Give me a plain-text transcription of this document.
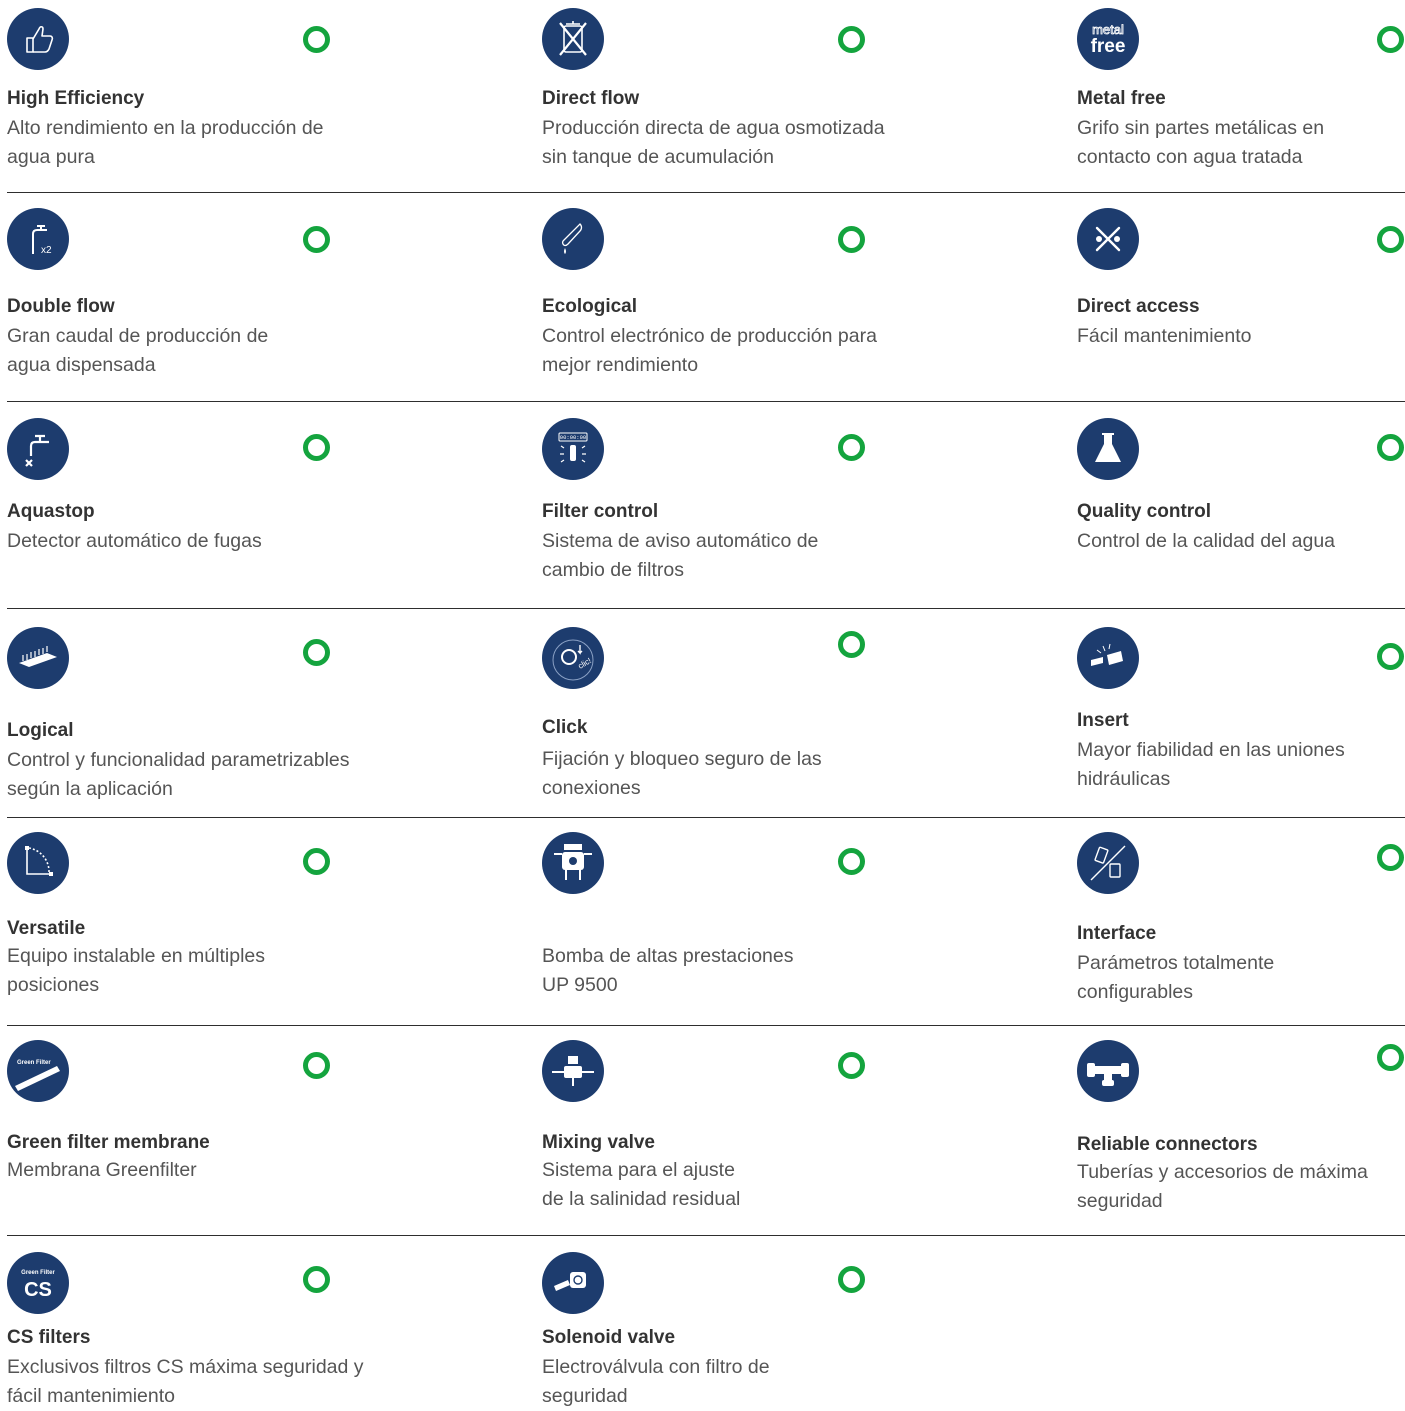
High Efficiency
Alto rendimiento en la producción de
agua pura
Direct flow
Producción directa de agua osmotizada
sin tanque de acumulación
metal
free
Metal free
Grifo sin partes metálicas en
contacto con agua tratada
x2
Double flow
Gran caudal de producción de
agua dispensada
Ecological
Control electrónico de producción para
mejor rendimiento
Direct access
Fácil mantenimiento
Aquastop
Detector automático de fugas
00:00:00
Filter control
Sistema de aviso automático de
cambio de filtros
Quality control
Control de la calidad del agua
Logical
Control y funcionalidad parametrizables
según la aplicación
clic!
Click
Fijación y bloqueo seguro de las
conexiones
Insert
Mayor fiabilidad en las uniones
hidráulicas
Versatile
Equipo instalable en múltiples
posiciones
Bomba de altas prestaciones
UP 9500
Interface
Parámetros totalmente
configurables
Green Filter
Green filter membrane
Membrana Greenfilter
Mixing valve
Sistema para el ajuste
de la salinidad residual
Reliable connectors
Tuberías y accesorios de máxima
seguridad
Green Filter
CS
CS filters
Exclusivos filtros CS máxima seguridad y
fácil mantenimiento
Solenoid valve
Electroválvula con filtro de
seguridad
